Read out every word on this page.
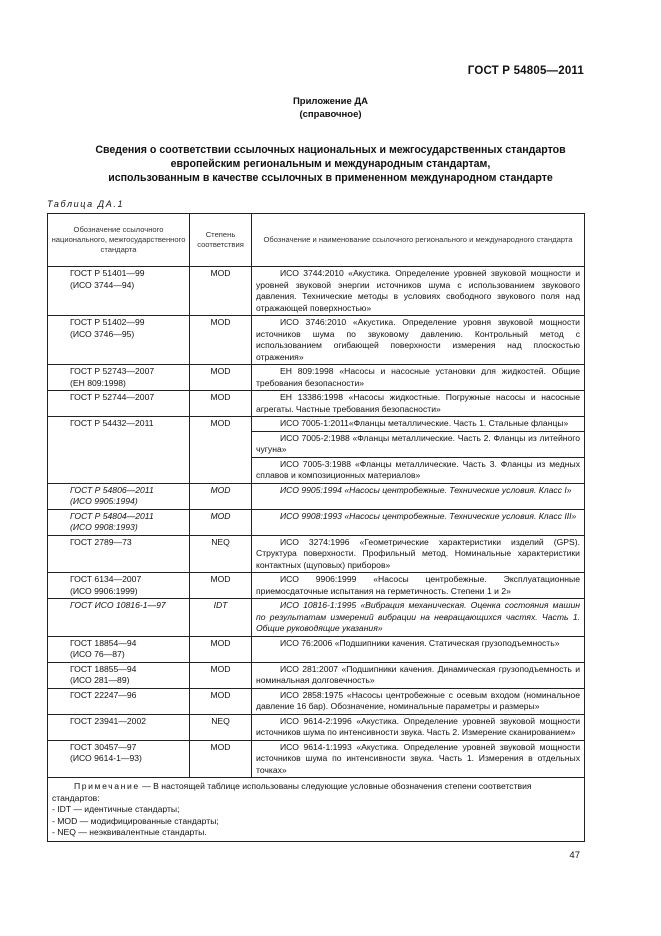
ГОСТ Р 54805—2011
Приложение ДА
(справочное)
Сведения о соответствии ссылочных национальных и межгосударственных стандартов
европейским региональным и международным стандартам,
использованным в качестве ссылочных в примененном международном стандарте
Таблица ДА.1
Обозначение ссылочного национального, межгосударственного стандарта	Степень соответствия	Обозначение и наименование ссылочного регионального и международного стандарта

ГОСТ Р 51401—99
(ИСО 3744—94)	MOD	ИСО 3744:2010 «Акустика. Определение уровней звуковой мощности и уровней звуковой энергии источников шума с использованием звукового давления. Технические методы в условиях свободного звукового поля над отражающей поверхностью»

ГОСТ Р 51402—99
(ИСО 3746—95)	MOD	ИСО 3746:2010 «Акустика. Определение уровня звуковой мощности источников шума по звуковому давлению. Контрольный метод с использованием огибающей поверхности измерения над плоскостью отражения»

ГОСТ Р 52743—2007
(ЕН 809:1998)	MOD	ЕН 809:1998 «Насосы и насосные установки для жидкостей. Общие требования безопасности»

ГОСТ Р 52744—2007	MOD	ЕН 13386:1998 «Насосы жидкостные. Погружные насосы и насосные агрегаты. Частные требования безопасности»

ГОСТ Р 54432—2011	MOD	ИСО 7005-1:2011«Фланцы металлические. Часть 1. Стальные фланцы»
		ИСО 7005-2:1988 «Фланцы металлические. Часть 2. Фланцы из литейного чугуна»
		ИСО 7005-3:1988 «Фланцы металлические. Часть 3. Фланцы из медных сплавов и композиционных материалов»

ГОСТ Р 54806—2011
(ИСО 9905:1994)	MOD	ИСО 9905:1994 «Насосы центробежные. Технические условия. Класс I»

ГОСТ Р 54804—2011
(ИСО 9908:1993)	MOD	ИСО 9908:1993 «Насосы центробежные. Технические условия. Класс III»

ГОСТ 2789—73	NEQ	ИСО 3274:1996 «Геометрические характеристики изделий (GPS). Структура поверхности. Профильный метод. Номинальные характеристики контактных (щуповых) приборов»

ГОСТ 6134—2007
(ИСО 9906:1999)	MOD	ИСО 9906:1999 «Насосы центробежные. Эксплуатационные приемосдаточные испытания на герметичность. Степени 1 и 2»

ГОСТ ИСО 10816-1—97	IDT	ИСО 10816-1:1995 «Вибрация механическая. Оценка состояния машин по результатам измерений вибрации на невращающихся частях. Часть 1. Общие руководящие указания»

ГОСТ 18854—94
(ИСО 76—87)	MOD	ИСО 76:2006 «Подшипники качения. Статическая грузоподъемность»

ГОСТ 18855—94
(ИСО 281—89)	MOD	ИСО 281:2007 «Подшипники качения. Динамическая грузоподъемность и номинальная долговечность»

ГОСТ 22247—96	MOD	ИСО 2858:1975 «Насосы центробежные с осевым входом (номинальное давление 16 бар). Обозначение, номинальные параметры и размеры»

ГОСТ 23941—2002	NEQ	ИСО 9614-2:1996 «Акустика. Определение уровней звуковой мощности источников шума по интенсивности звука. Часть 2. Измерение сканированием»

ГОСТ 30457—97
(ИСО 9614-1—93)	MOD	ИСО 9614-1:1993 «Акустика. Определение уровней звуковой мощности источников шума по интенсивности звука. Часть 1. Измерения в отдельных точках»

Примечание — В настоящей таблице использованы следующие условные обозначения степени соответствия стандартов:
- IDT — идентичные стандарты;
- MOD — модифицированные стандарты;
- NEQ — неэквивалентные стандарты.		
47
